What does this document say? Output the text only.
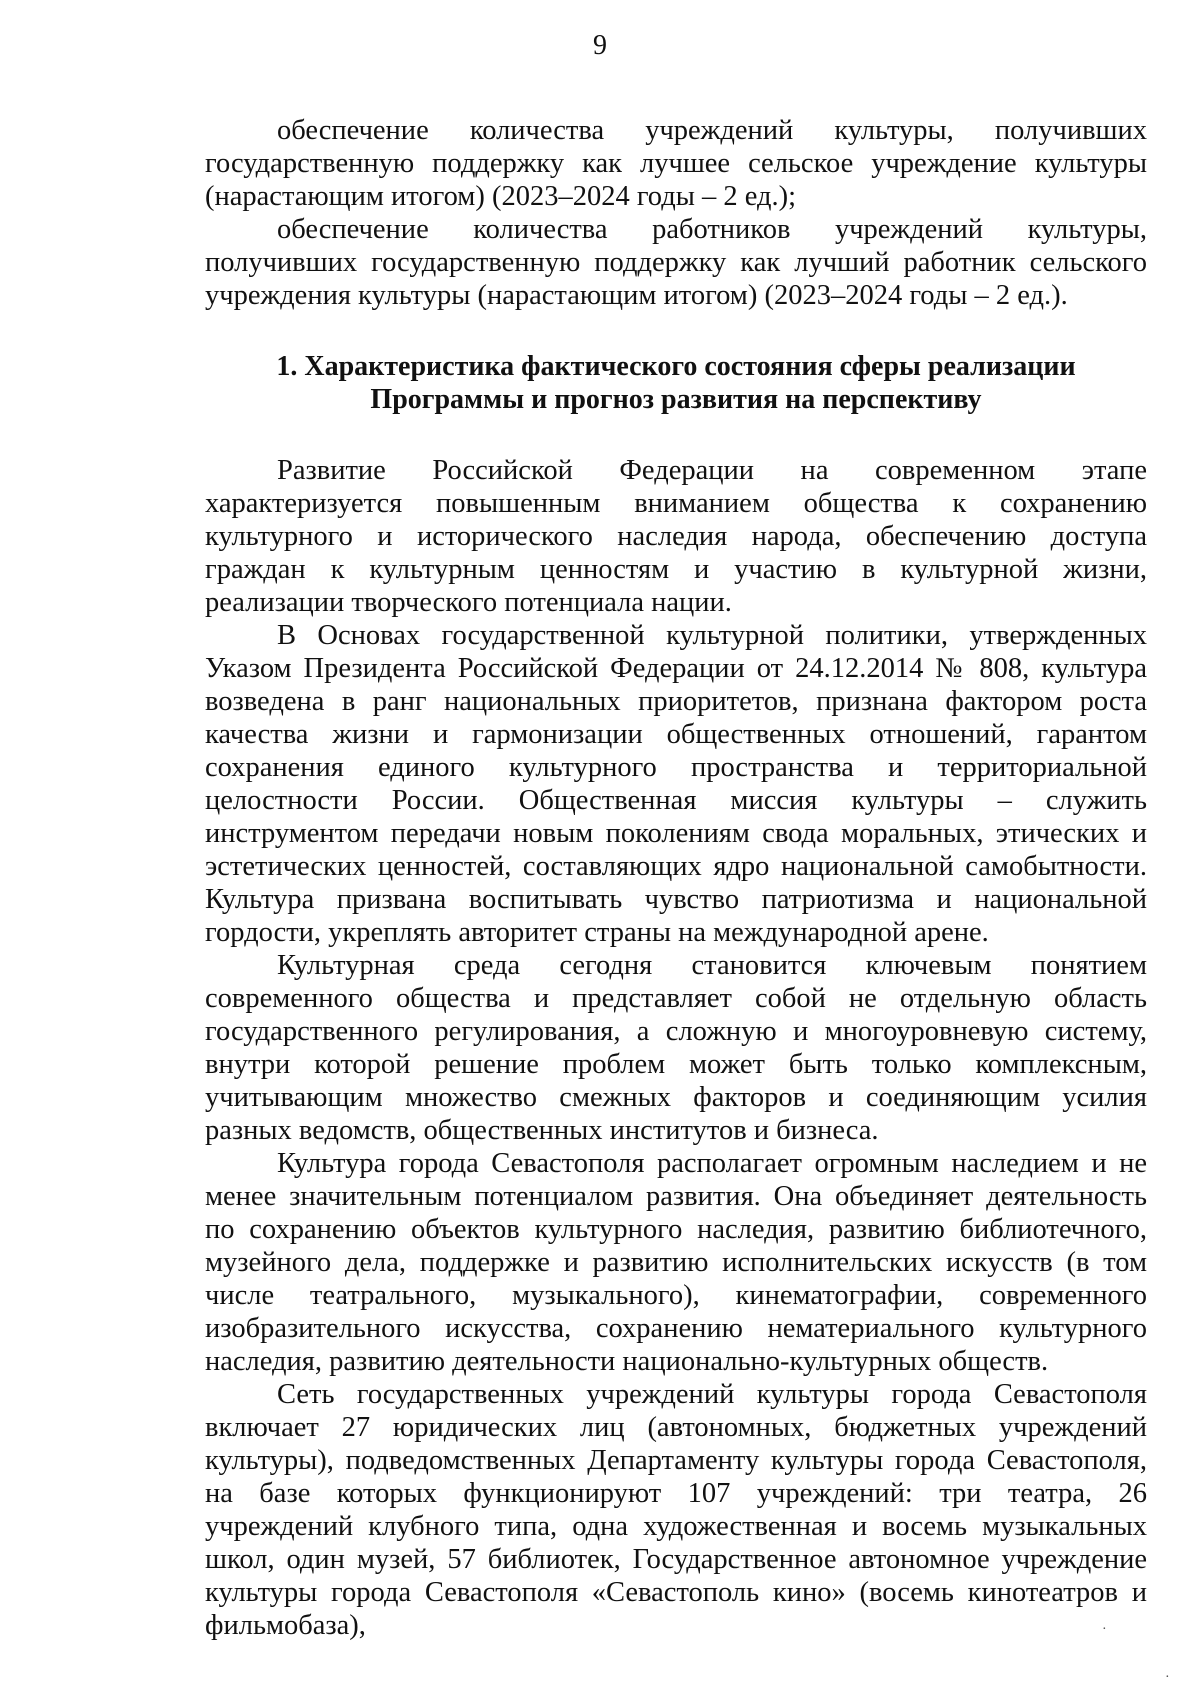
9

обеспечение количества учреждений культуры, получивших государственную поддержку как лучшее сельское учреждение культуры (нарастающим итогом) (2023–2024 годы – 2 ед.);

обеспечение количества работников учреждений культуры, получивших государственную поддержку как лучший работник сельского учреждения культуры (нарастающим итогом) (2023–2024 годы – 2 ед.).

1. Характеристика фактического состояния сферы реализации
Программы и прогноз развития на перспективу

Развитие Российской Федерации на современном этапе характеризуется повышенным вниманием общества к сохранению культурного и исторического наследия народа, обеспечению доступа граждан к культурным ценностям и участию в культурной жизни, реализации творческого потенциала нации.

В Основах государственной культурной политики, утвержденных Указом Президента Российской Федерации от 24.12.2014 № 808, культура возведена в ранг национальных приоритетов, признана фактором роста качества жизни и гармонизации общественных отношений, гарантом сохранения единого культурного пространства и территориальной целостности России. Общественная миссия культуры – служить инструментом передачи новым поколениям свода моральных, этических и эстетических ценностей, составляющих ядро национальной самобытности. Культура призвана воспитывать чувство патриотизма и национальной гордости, укреплять авторитет страны на международной арене.

Культурная среда сегодня становится ключевым понятием современного общества и представляет собой не отдельную область государственного регулирования, а сложную и многоуровневую систему, внутри которой решение проблем может быть только комплексным, учитывающим множество смежных факторов и соединяющим усилия разных ведомств, общественных институтов и бизнеса.

Культура города Севастополя располагает огромным наследием и не менее значительным потенциалом развития. Она объединяет деятельность по сохранению объектов культурного наследия, развитию библиотечного, музейного дела, поддержке и развитию исполнительских искусств (в том числе театрального, музыкального), кинематографии, современного изобразительного искусства, сохранению нематериального культурного наследия, развитию деятельности национально-культурных обществ.

Сеть государственных учреждений культуры города Севастополя включает 27 юридических лиц (автономных, бюджетных учреждений культуры), подведомственных Департаменту культуры города Севастополя, на базе которых функционируют 107 учреждений: три театра, 26 учреждений клубного типа, одна художественная и восемь музыкальных школ, один музей, 57 библиотек, Государственное автономное учреждение культуры города Севастополя «Севастополь кино» (восемь кинотеатров и фильмобаза),	·
·
